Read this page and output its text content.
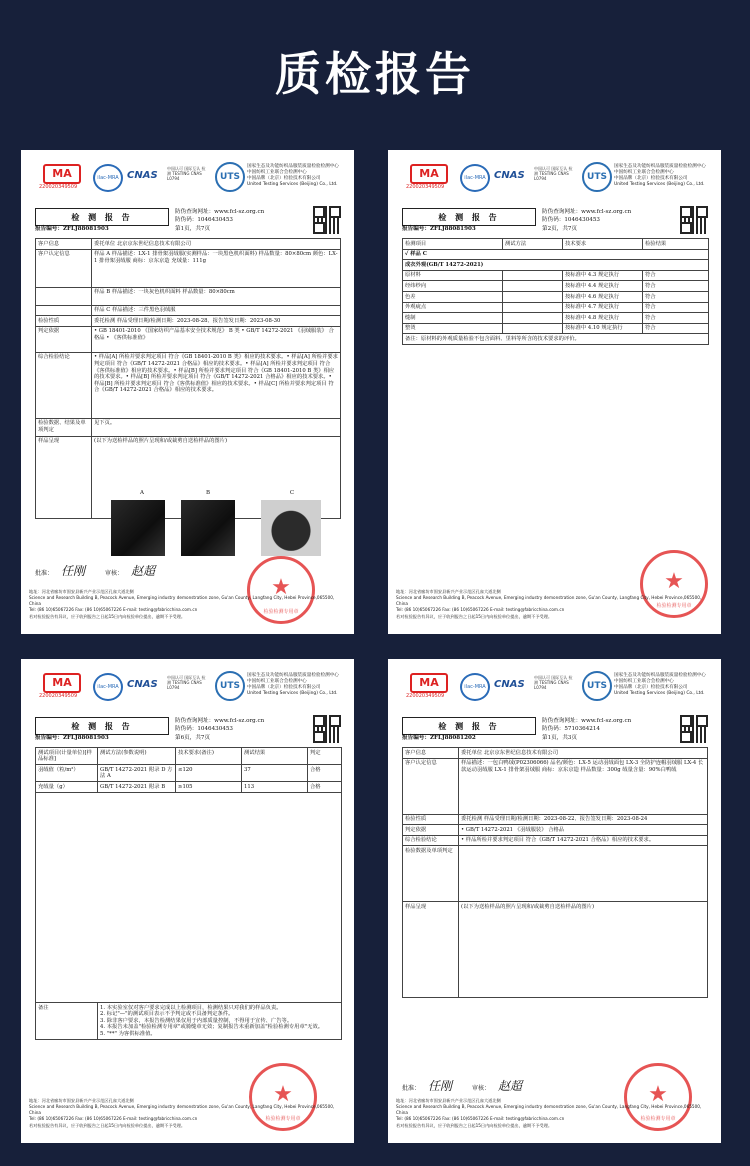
质检报告
MA
220020349509
ilac-MRA CNAS
中国认可 国际互认 检测 TESTING CNAS L0794	UTS
国家生态及功能纺织品服装质量检验检测中心
中国纺织工业联合会检测中心
中国品牌（北京）检验技术有限公司
United Testing Services (Beijing) Co., Ltd.
检 测 报 告
报告编号：ZFLJ88081903
防伪查询网址：www.fcl-sz.org.cn
防伪码：1046430453
第1页，共7页
客户信息	委托单位 北京京东世纪信息技术有限公司
客户认定信息	样品 A 样品描述：LX-1 排骨架羽绒服(实测样品：一块黑色机织面料) 样品数量：80×80cm 颜色：LX-1 排骨架羽绒服 商标：京东京造 充绒量：111g
	样品 B 样品描述：一块灰色机织面料 样品数量：80×80cm
	样品 C 样品描述：三件黑色羽绒服
检验性质	委托检测 样品受理日期/检测日期：2023-08-28、报告签发日期：2023-08-30
判定依据	• GB 18401-2010 《国家纺织产品基本安全技术规范》 B 类 • GB/T 14272-2021 《羽绒服装》 合格品 • 《客供标准值》
综合检验结论	• 样品[A] 所检并要求判定项目 符合《GB 18401-2010 B 类》相应的技术要求。• 样品[A] 所检并要求判定项目 符合《GB/T 14272-2021 合格品》相应的技术要求。• 样品[A] 所检并要求判定项目 符合《客供标准值》相应的技术要求。• 样品[B] 所检并要求判定项目 符合《GB 18401-2010 B 类》相应的技术要求。• 样品[B] 所检并要求判定项目 符合《GB/T 14272-2021 合格品》相应的技术要求。• 样品[B] 所检并要求判定项目 符合《客供标准值》相应的技术要求。• 样品[C] 所检并要求判定项目 符合《GB/T 14272-2021 合格品》相应的技术要求。
检验数据、结果及单项判定	见下页。
样品呈现	(以下为送检样品的照片呈现和/或裁剪自送检样品的图片)
A	B	C
批准： 任刚	审核： 赵超
★
检验检测专用章
地址：河北省廊坊市固安县新兴产业示范区孔雀大道北侧
Science and Research Building B, Peacock Avenue, Emerging industry demonstration zone, Gu'an County, Langfang City, Hebei Province,065500, China
Tel: (86 10)65067226 Fax: (86 10)65067226 E-mail: testing@fabricchina.com.cn
若对检验报告有异议，应于收到报告之日起15日内向检验单位提出，逾期不予受理。
MA
220020349509
ilac-MRA CNAS
中国认可 国际互认 检测 TESTING CNAS L0794	UTS
国家生态及功能纺织品服装质量检验检测中心
中国纺织工业联合会检测中心
中国品牌（北京）检验技术有限公司
United Testing Services (Beijing) Co., Ltd.
检 测 报 告
报告编号：ZFLJ88081903
防伪查询网址：www.fcl-sz.org.cn
防伪码：1046430453
第2页，共7页
检测项目	测试方法	技术要求	检验结果
✓ 样品 C			
成衣外观(GB/T 14272-2021)			
原材料		按标准中 4.3 规定执行	符合
经纬纱向		按标准中 4.4 规定执行	符合
色差		按标准中 4.6 规定执行	符合
外观疵点		按标准中 4.7 规定执行	符合
缝制		按标准中 4.8 规定执行	符合
整烫		按标准中 4.10 规定执行	符合
备注：原材料的外观质量检验不包含面料、里料等所含的技术要求的评价。			
★
检验检测专用章
地址：河北省廊坊市固安县新兴产业示范区孔雀大道北侧
Science and Research Building B, Peacock Avenue, Emerging industry demonstration zone, Gu'an County, Langfang City, Hebei Province,065500, China
Tel: (86 10)65067226 Fax: (86 10)65067226 E-mail: testing@fabricchina.com.cn
若对检验报告有异议，应于收到报告之日起15日内向检验单位提出，逾期不予受理。
MA
220020349509
ilac-MRA CNAS
中国认可 国际互认 检测 TESTING CNAS L0794	UTS
国家生态及功能纺织品服装质量检验检测中心
中国纺织工业联合会检测中心
中国品牌（北京）检验技术有限公司
United Testing Services (Beijing) Co., Ltd.
检 测 报 告
报告编号：ZFLJ88081903
防伪查询网址：www.fcl-sz.org.cn
防伪码：1046430453
第6页，共7页
测试项目(计量单位)[样品标准]	测试方法(参数说明)	技术要求(备注)	测试结果	判定
羽绒值（粒/m²）	GB/T 14272-2021 附录 D 方法 A	≤120	37	合格
充绒量（g）	GB/T 14272-2021 附录 B	≥105	113	合格

备注	1. 本实验室仅对客户要求完成以上检测项目，检测结果只对我们的样品负责。
2. 标记"—"的测试项目表示不予判定或不具备判定条件。
3. 除非客户要求，本报告检测结果仅用于内部质量控制，不得用于宣传、广告等。
4. 本报告未加盖"检验检测专用章"或骑缝章无效；复制报告未重新加盖"检验检测专用章"无效。
5. "**" 为客供标准值。			
★
检验检测专用章
地址：河北省廊坊市固安县新兴产业示范区孔雀大道北侧
Science and Research Building B, Peacock Avenue, Emerging industry demonstration zone, Gu'an County, Langfang City, Hebei Province,065500, China
Tel: (86 10)65067226 Fax: (86 10)65067226 E-mail: testing@fabricchina.com.cn
若对检验报告有异议，应于收到报告之日起15日内向检验单位提出，逾期不予受理。
MA
220020349509
ilac-MRA CNAS
中国认可 国际互认 检测 TESTING CNAS L0794	UTS
国家生态及功能纺织品服装质量检验检测中心
中国纺织工业联合会检测中心
中国品牌（北京）检验技术有限公司
United Testing Services (Beijing) Co., Ltd.
检 测 报 告
报告编号：ZFLJ88081202
防伪查询网址：www.fcl-sz.org.cn
防伪码：5710364214
第1页，共3页
客户信息	委托单位 北京京东世纪信息技术有限公司
客户认定信息	样品描述：一包白鸭绒(P02306066) 品名/颜色：LX-5 运动羽绒面包 LX-3 全防护连帽羽绒服 LX-4 长款运动羽绒服 LX-1 排骨架羽绒服 商标：京东京造 样品数量：300g 绒量含量：90%白鸭绒
检验性质	委托检测 样品受理日期/检测日期：2023-08-22、报告签发日期：2023-08-24
判定依据	• GB/T 14272-2021 《羽绒服装》 合格品
综合检验结论	• 样品所检并要求判定项目 符合《GB/T 14272-2021 合格品》相应的技术要求。
检验数据及单项判定	
样品呈现	(以下为送检样品的照片呈现和/或裁剪自送检样品的图片)
批准： 任刚	审核： 赵超	★
检验检测专用章
地址：河北省廊坊市固安县新兴产业示范区孔雀大道北侧
Science and Research Building B, Peacock Avenue, Emerging industry demonstration zone, Gu'an County, Langfang City, Hebei Province,065500, China
Tel: (86 10)65067226 Fax: (86 10)65067226 E-mail: testing@fabricchina.com.cn
若对检验报告有异议，应于收到报告之日起15日内向检验单位提出，逾期不予受理。
